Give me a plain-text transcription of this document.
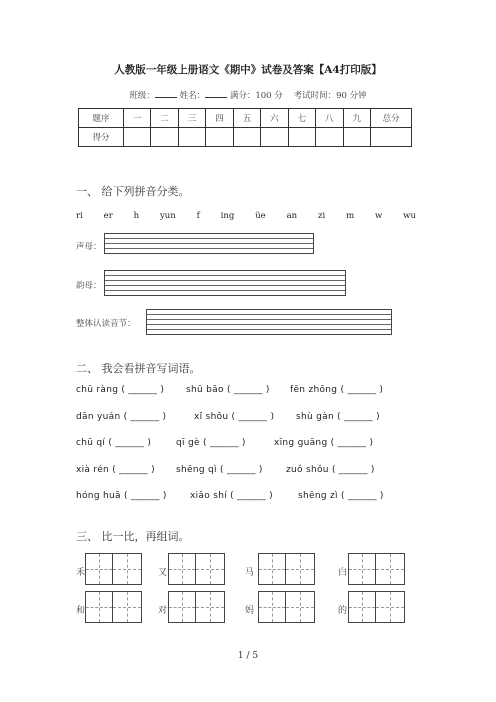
人教版一年级上册语文《期中》试卷及答案【A4打印版】
班级：	姓名：	满分：100 分 考试时间：90 分钟
题序	一	二	三	四	五	六	七	八	九	总分
得分										
一、 给下列拼音分类。
ri er h yun f ing üe an zi m w wu
声母：
韵母：
整体认读音节：
二、 我会看拼音写词语。
chū ràng ( ______ ) shū bāo ( ______ ) fēn zhōng ( ______ )
dān yuán ( ______ )	xǐ shǒu ( ______ ) shù gàn ( ______ )
chū qí ( ______ )	qī gè ( ______ )	xīng guāng ( ______ )
xià rén ( ______ ) shēng qì ( ______ )	zuǒ shǒu ( ______ )
hóng huā ( ______ )	xiǎo shí ( ______ )	shēng zì ( ______ )
三、 比一比，再组词。
禾	又	马	白
和	对	妈	的
1 / 5
